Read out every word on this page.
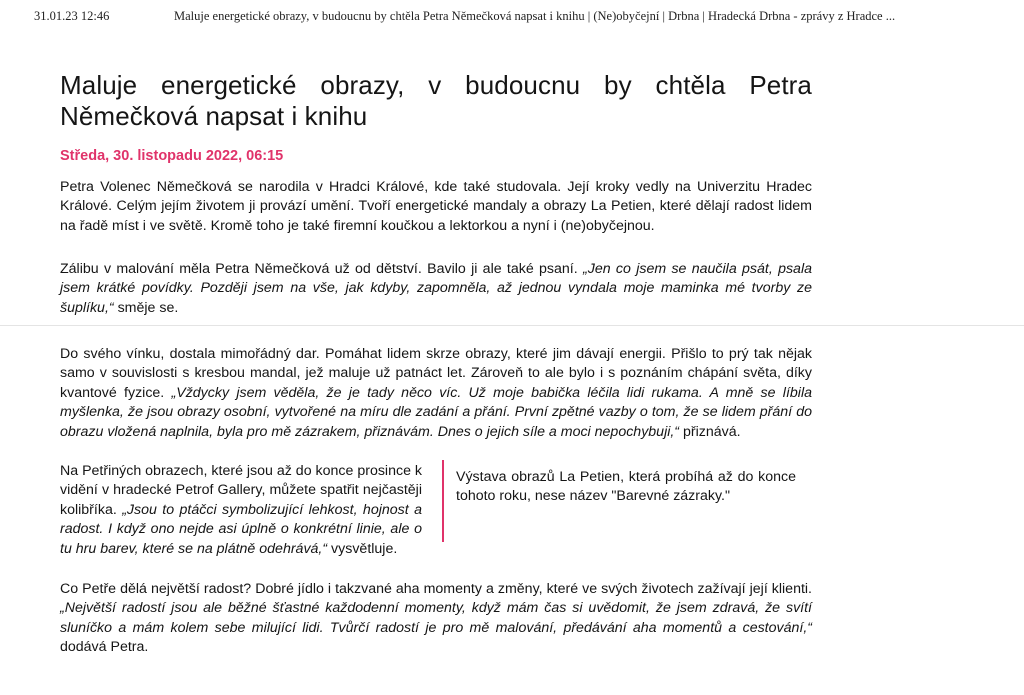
31.01.23 12:46	Maluje energetické obrazy, v budoucnu by chtěla Petra Němečková napsat i knihu | (Ne)obyčejní | Drbna | Hradecká Drbna - zprávy z Hradce ...
Maluje energetické obrazy, v budoucnu by chtěla Petra Němečková napsat i knihu
Středa, 30. listopadu 2022, 06:15

Petra Volenec Němečková se narodila v Hradci Králové, kde také studovala. Její kroky vedly na Univerzitu Hradec Králové. Celým jejím životem ji provází umění. Tvoří energetické mandaly a obrazy La Petien, které dělají radost lidem na řadě míst i ve světě. Kromě toho je také firemní koučkou a lektorkou a nyní i (ne)obyčejnou.

Zálibu v malování měla Petra Němečková už od dětství. Bavilo ji ale také psaní. „Jen co jsem se naučila psát, psala jsem krátké povídky. Později jsem na vše, jak kdyby, zapomněla, až jednou vyndala moje maminka mé tvorby ze šuplíku,“ směje se.

Do svého vínku, dostala mimořádný dar. Pomáhat lidem skrze obrazy, které jim dávají energii. Přišlo to prý tak nějak samo v souvislosti s kresbou mandal, jež maluje už patnáct let. Zároveň to ale bylo i s poznáním chápání světa, díky kvantové fyzice. „Vždycky jsem věděla, že je tady něco víc. Už moje babička léčila lidi rukama. A mně se líbila myšlenka, že jsou obrazy osobní, vytvořené na míru dle zadání a přání. První zpětné vazby o tom, že se lidem přání do obrazu vložená naplnila, byla pro mě zázrakem, přiznávám. Dnes o jejich síle a moci nepochybuji,“ přiznává.

Na Petřiných obrazech, které jsou až do konce prosince k vidění v hradecké Petrof Gallery, můžete spatřit nejčastěji kolibříka. „Jsou to ptáčci symbolizující lehkost, hojnost a radost. I když ono nejde asi úplně o konkrétní linie, ale o tu hru barev, které se na plátně odehrává,“ vysvětluje.

Výstava obrazů La Petien, která probíhá až do konce tohoto roku, nese název "Barevné zázraky."

Co Petře dělá největší radost? Dobré jídlo i takzvané aha momenty a změny, které ve svých životech zažívají její klienti. „Největší radostí jsou ale běžné šťastné každodenní momenty, když mám čas si uvědomit, že jsem zdravá, že svítí sluníčko a mám kolem sebe milující lidi. Tvůrčí radostí je pro mě malování, předávání aha momentů a cestování,“ dodává Petra.
